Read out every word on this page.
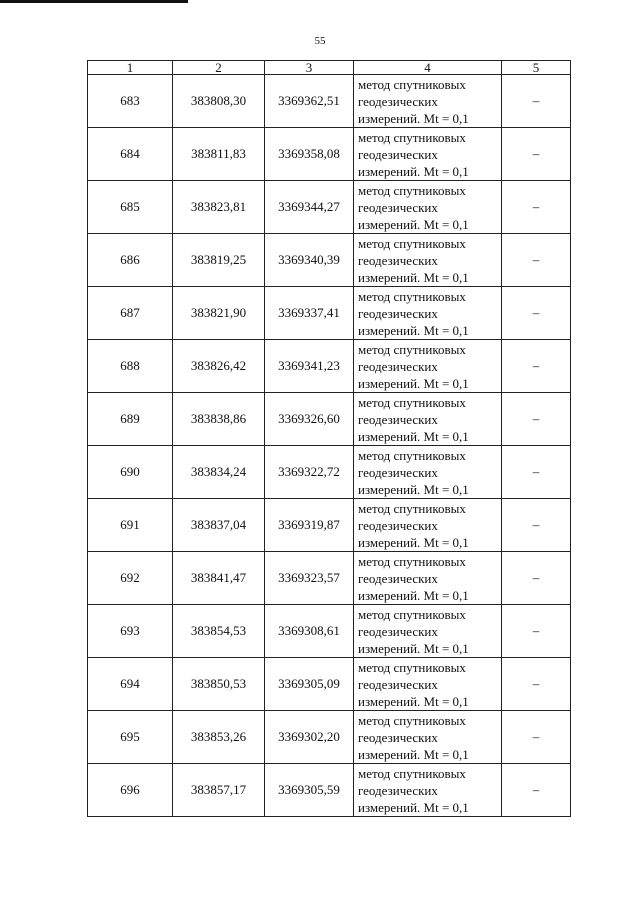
55
1	2	3	4	5
683	383808,30	3369362,51	метод спутниковых
геодезических
измерений. Mt = 0,1	–
684	383811,83	3369358,08	метод спутниковых
геодезических
измерений. Mt = 0,1	–
685	383823,81	3369344,27	метод спутниковых
геодезических
измерений. Mt = 0,1	–
686	383819,25	3369340,39	метод спутниковых
геодезических
измерений. Mt = 0,1	–
687	383821,90	3369337,41	метод спутниковых
геодезических
измерений. Mt = 0,1	–
688	383826,42	3369341,23	метод спутниковых
геодезических
измерений. Mt = 0,1	–
689	383838,86	3369326,60	метод спутниковых
геодезических
измерений. Mt = 0,1	–
690	383834,24	3369322,72	метод спутниковых
геодезических
измерений. Mt = 0,1	–
691	383837,04	3369319,87	метод спутниковых
геодезических
измерений. Mt = 0,1	–
692	383841,47	3369323,57	метод спутниковых
геодезических
измерений. Mt = 0,1	–
693	383854,53	3369308,61	метод спутниковых
геодезических
измерений. Mt = 0,1	–
694	383850,53	3369305,09	метод спутниковых
геодезических
измерений. Mt = 0,1	–
695	383853,26	3369302,20	метод спутниковых
геодезических
измерений. Mt = 0,1	–
696	383857,17	3369305,59	метод спутниковых
геодезических
измерений. Mt = 0,1	–
